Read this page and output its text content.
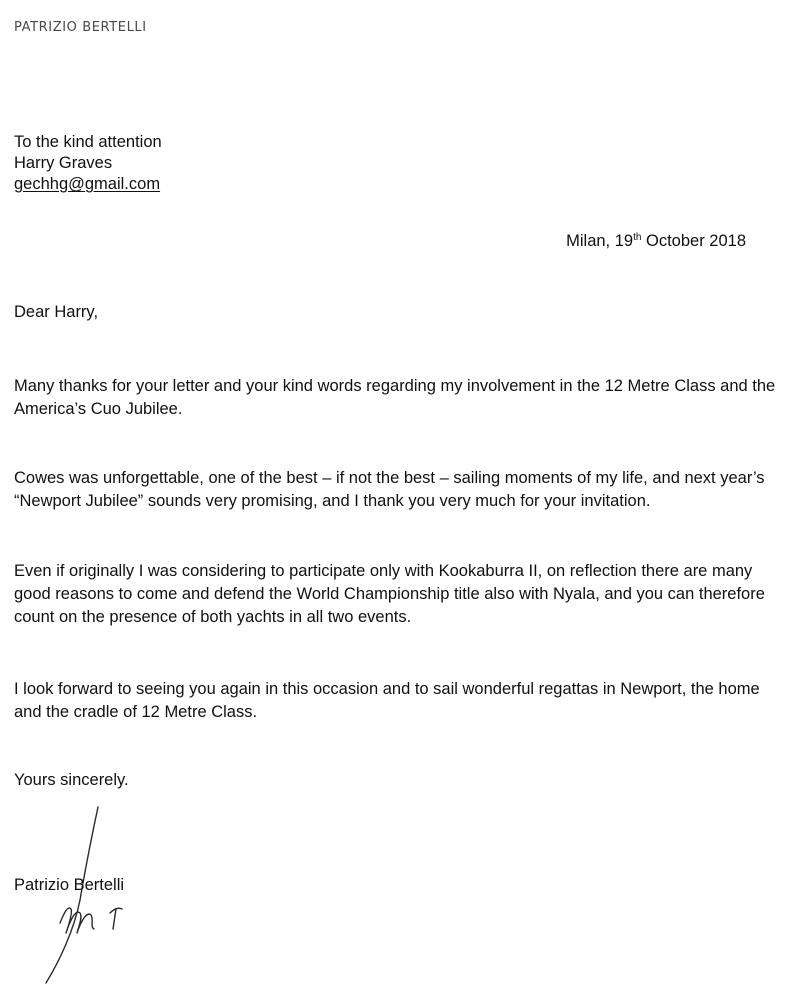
PATRIZIO BERTELLI
To the kind attention
Harry Graves
gechhg@gmail.com
Milan, 19th October 2018
Dear Harry,

Many thanks for your letter and your kind words regarding my involvement in the 12 Metre Class and the America’s Cuo Jubilee.

Cowes was unforgettable, one of the best – if not the best – sailing moments of my life, and next year’s “Newport Jubilee” sounds very promising, and I thank you very much for your invitation.

Even if originally I was considering to participate only with Kookaburra II, on reflection there are many good reasons to come and defend the World Championship title also with Nyala, and you can therefore count on the presence of both yachts in all two events.

I look forward to seeing you again in this occasion and to sail wonderful regattas in Newport, the home and the cradle of 12 Metre Class.

Yours sincerely.
Patrizio Bertelli
